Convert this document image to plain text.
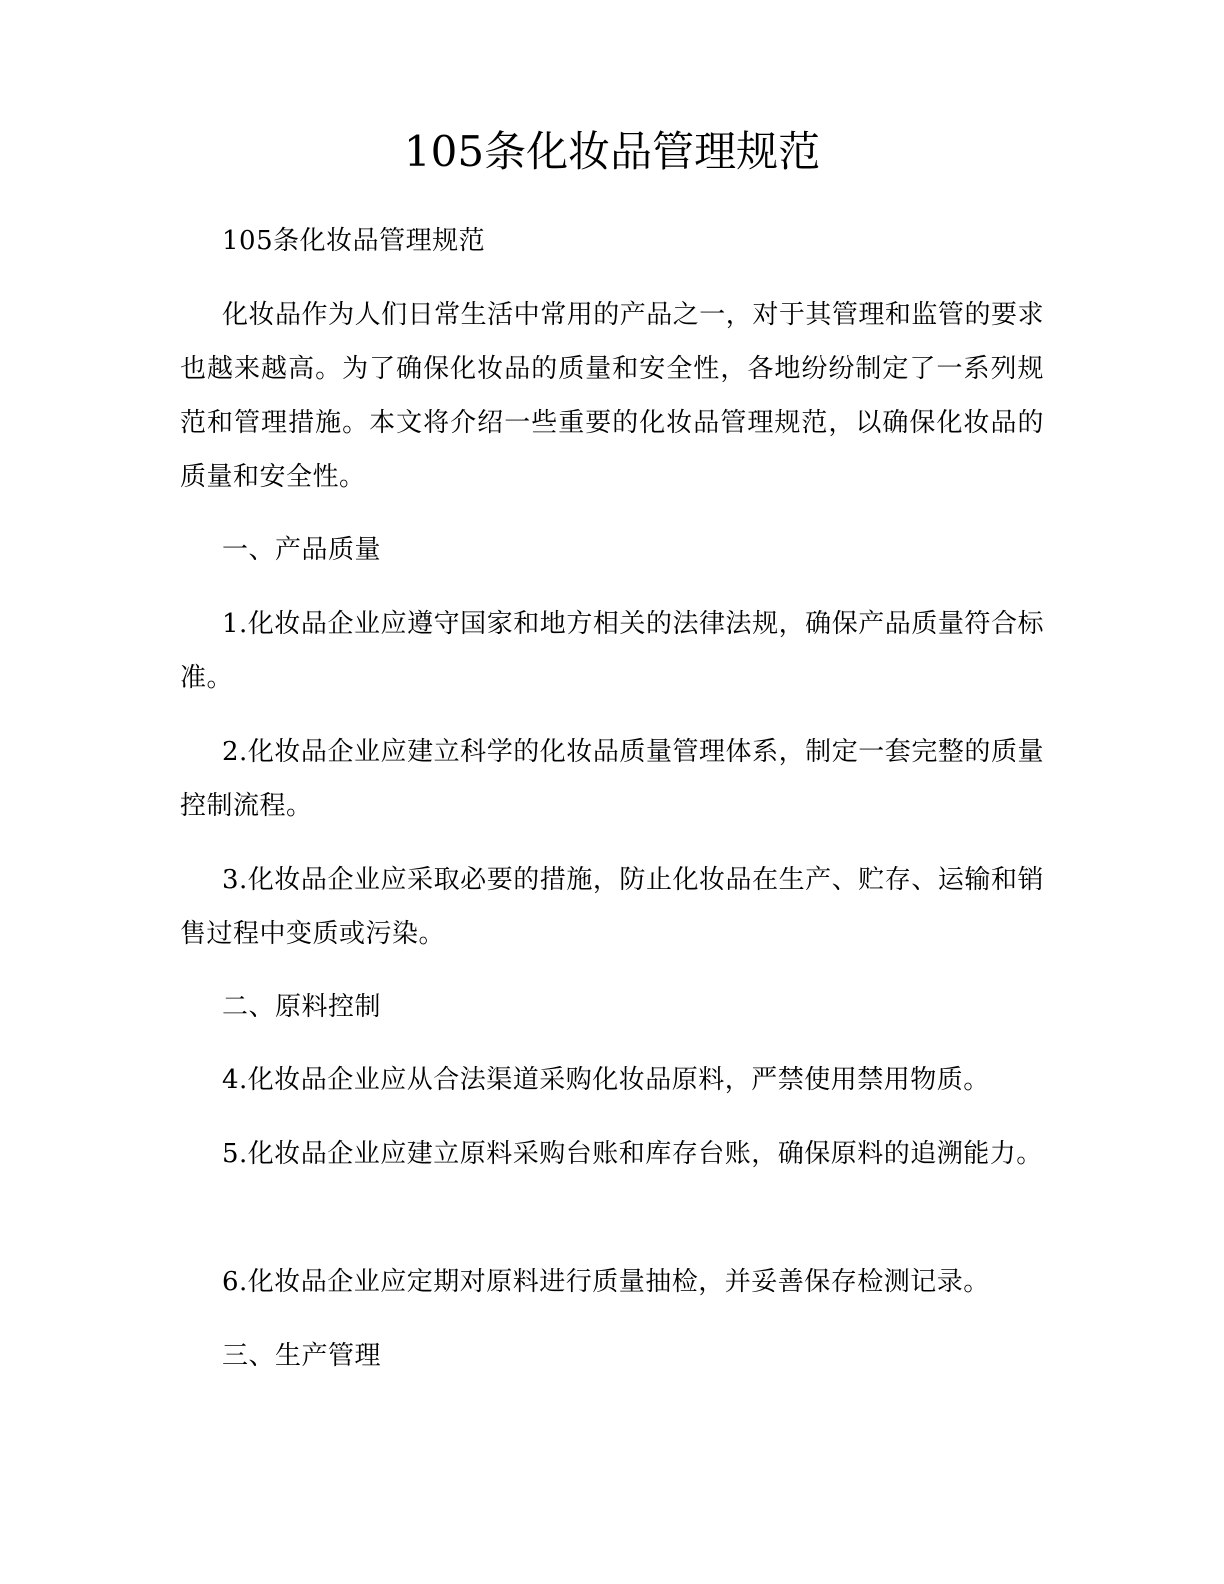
105条化妆品管理规范

105条化妆品管理规范

化妆品作为人们日常生活中常用的产品之一，对于其管理和监管的要求也越来越高。为了确保化妆品的质量和安全性，各地纷纷制定了一系列规范和管理措施。本文将介绍一些重要的化妆品管理规范，以确保化妆品的质量和安全性。

一、产品质量

1.化妆品企业应遵守国家和地方相关的法律法规，确保产品质量符合标准。

2.化妆品企业应建立科学的化妆品质量管理体系，制定一套完整的质量控制流程。

3.化妆品企业应采取必要的措施，防止化妆品在生产、贮存、运输和销售过程中变质或污染。

二、原料控制

4.化妆品企业应从合法渠道采购化妆品原料，严禁使用禁用物质。

5.化妆品企业应建立原料采购台账和库存台账，确保原料的追溯能力。

6.化妆品企业应定期对原料进行质量抽检，并妥善保存检测记录。

三、生产管理
